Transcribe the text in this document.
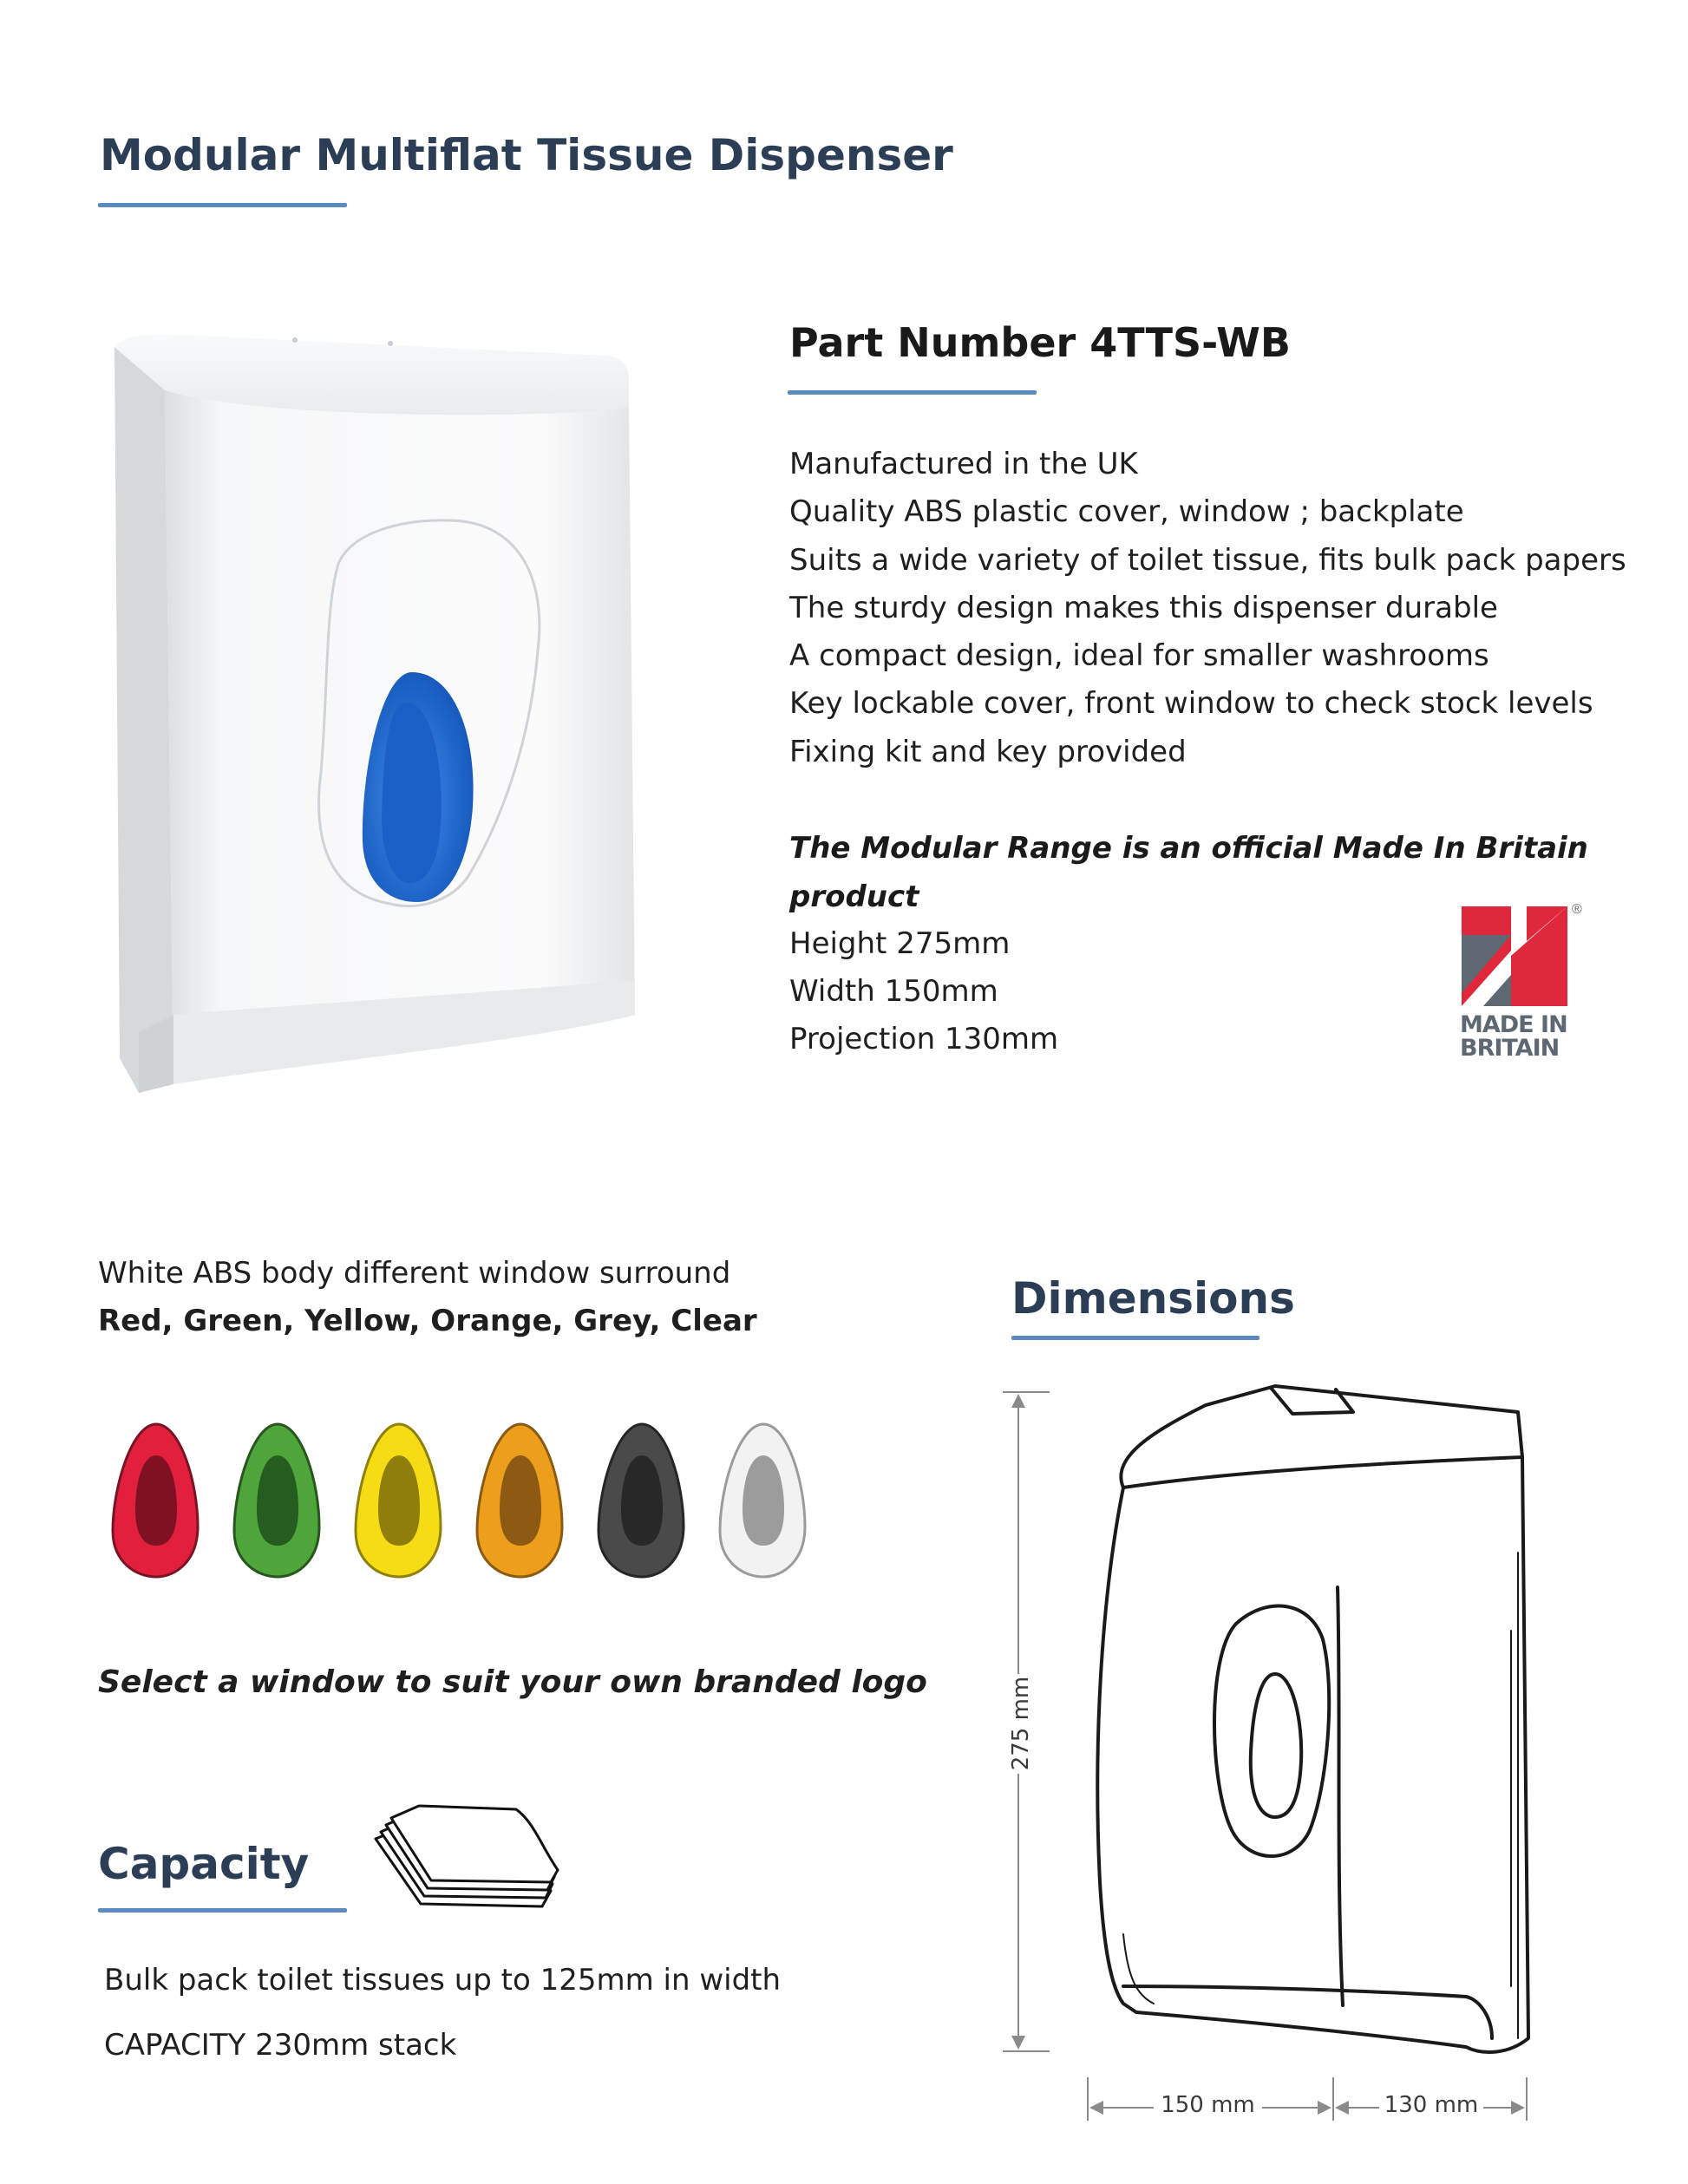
Modular Multiflat Tissue Dispenser
Part Number 4TTS-WB
Manufactured in the UK
Quality ABS plastic cover, window ; backplate
Suits a wide variety of toilet tissue, fits bulk pack papers
The sturdy design makes this dispenser durable
A compact design, ideal for smaller washrooms
Key lockable cover, front window to check stock levels
Fixing kit and key provided
The Modular Range is an official Made In Britain product
Height 275mm
Width 150mm
Projection 130mm
®
MADE IN
BRITAIN
White ABS body different window surround
Red, Green, Yellow, Orange, Grey, Clear
Select a window to suit your own branded logo
Capacity
Bulk pack toilet tissues up to 125mm in width
CAPACITY 230mm stack
Dimensions
275 mm
150 mm	130 mm
